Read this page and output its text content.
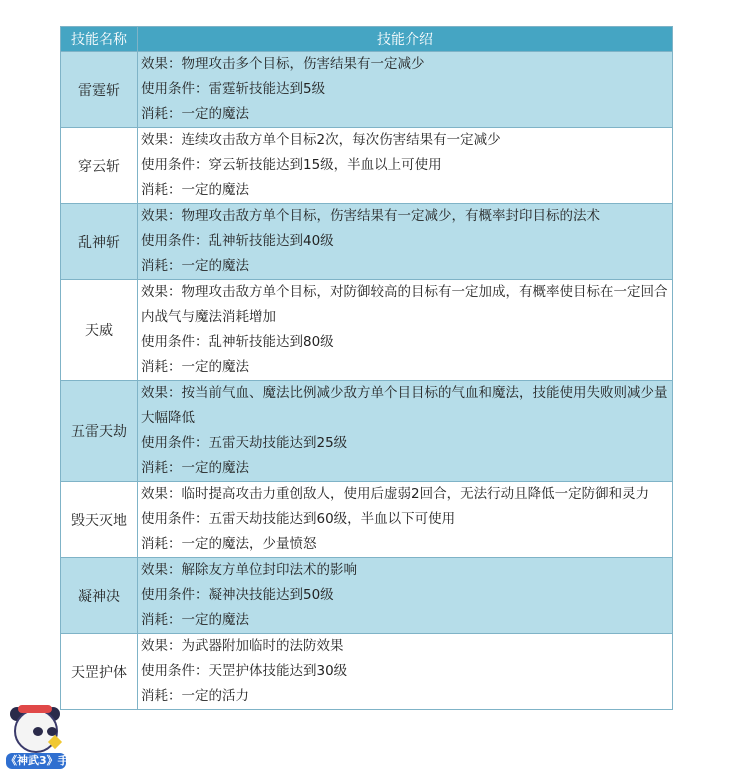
技能名称	技能介绍
雷霆斩	效果：物理攻击多个目标，伤害结果有一定减少
使用条件：雷霆斩技能达到5级
消耗：一定的魔法

穿云斩	效果：连续攻击敌方单个目标2次，每次伤害结果有一定减少
使用条件：穿云斩技能达到15级，半血以上可使用
消耗：一定的魔法

乱神斩	效果：物理攻击敌方单个目标，伤害结果有一定减少，有概率封印目标的法术
使用条件：乱神斩技能达到40级
消耗：一定的魔法

天威	效果：物理攻击敌方单个目标，对防御较高的目标有一定加成，有概率使目标在一定回合内战气与魔法消耗增加
使用条件：乱神斩技能达到80级
消耗：一定的魔法

五雷天劫	效果：按当前气血、魔法比例减少敌方单个目目标的气血和魔法，技能使用失败则减少量大幅降低
使用条件：五雷天劫技能达到25级
消耗：一定的魔法

毁天灭地	效果：临时提高攻击力重创敌人，使用后虚弱2回合，无法行动且降低一定防御和灵力
使用条件：五雷天劫技能达到60级，半血以下可使用
消耗：一定的魔法，少量愤怒

凝神决	效果：解除友方单位封印法术的影响
使用条件：凝神决技能达到50级
消耗：一定的魔法

天罡护体	效果：为武器附加临时的法防效果
使用条件：天罡护体技能达到30级
消耗：一定的活力
《神武3》手游
